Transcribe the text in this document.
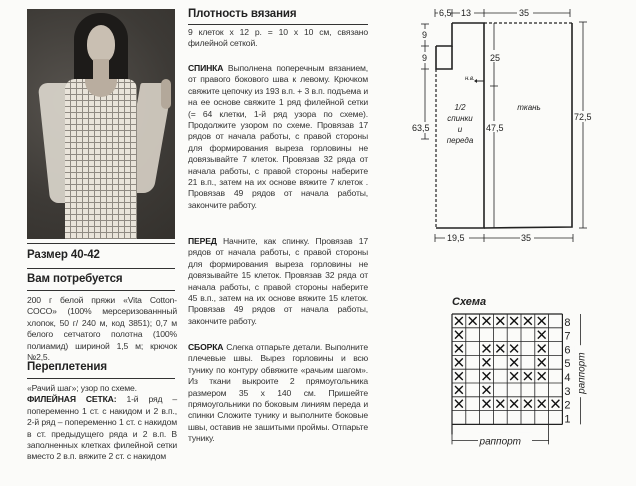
Размер 40-42
Вам потребуется
200 г белой пряжи «Vita Cotton-COCO» (100% мерсеризованнный хлопок, 50 г/ 240 м, код 3851); 0,7 м белого сетчатого полотна (100% полиамид) шириной 1,5 м; крючок №2,5.
Переплетения
«Рачий шаг»; узор по схеме.
ФИЛЕЙНАЯ СЕТКА: 1-й ряд – попеременно 1 ст. с накидом и 2 в.п., 2-й ряд – попеременно 1 ст. с накидом в ст. предыдущего ряда и 2 в.п. В заполненных клетках филейной сетки вместо 2 в.п. вяжите 2 ст. с накидом
Плотность вязания
9 клеток х 12 р. = 10 х 10 см, связано филейной сеткой.
СПИНКА Выполнена поперечным вязанием, от правого бокового шва к левому. Крючком свяжите цепочку из 193 в.п. + 3 в.п. подъема и на ее основе свяжите 1 ряд филейной сетки (= 64 клетки, 1-й ряд узора по схеме). Продолжите узором по схеме. Провязав 17 рядов от начала работы, с правой стороны для формирования выреза горловины не довязывайте 7 клеток. Провязав 32 ряда от начала работы, с правой стороны наберите 21 в.п., затем на их основе вяжите 7 клеток . Провязав 49 рядов от начала работы, закончите работу.
ПЕРЕД Начните, как спинку. Провязав 17 рядов от начала работы, с правой стороны для формирования выреза горловины не довязывайте 15 клеток. Провязав 32 ряда от начала работы, с правой стороны наберите 45 в.п., затем на их основе вяжите 15 клеток. Провязав 49 рядов от начала работы, закончите работу.
СБОРКА Слегка отпарьте детали. Выполните плечевые швы. Вырез горловины и всю тунику по контуру обвяжите «рачьим шагом». Из ткани выкроите 2 прямоугольника размером 35 х 140 см. Пришейте прямоугольники по боковым линиям переда и спинки Сложите тунику и выполните боковые швы, оставив не зашитыми проймы. Отпарьте тунику.
6,5 13	35
9
9
63,5
25
47,5
72,5
19,5	35
н.в.
1/2
спинки
и
переда
ткань
Схема
8
7
6
5
4
3
2
1
раппорт
раппорт
